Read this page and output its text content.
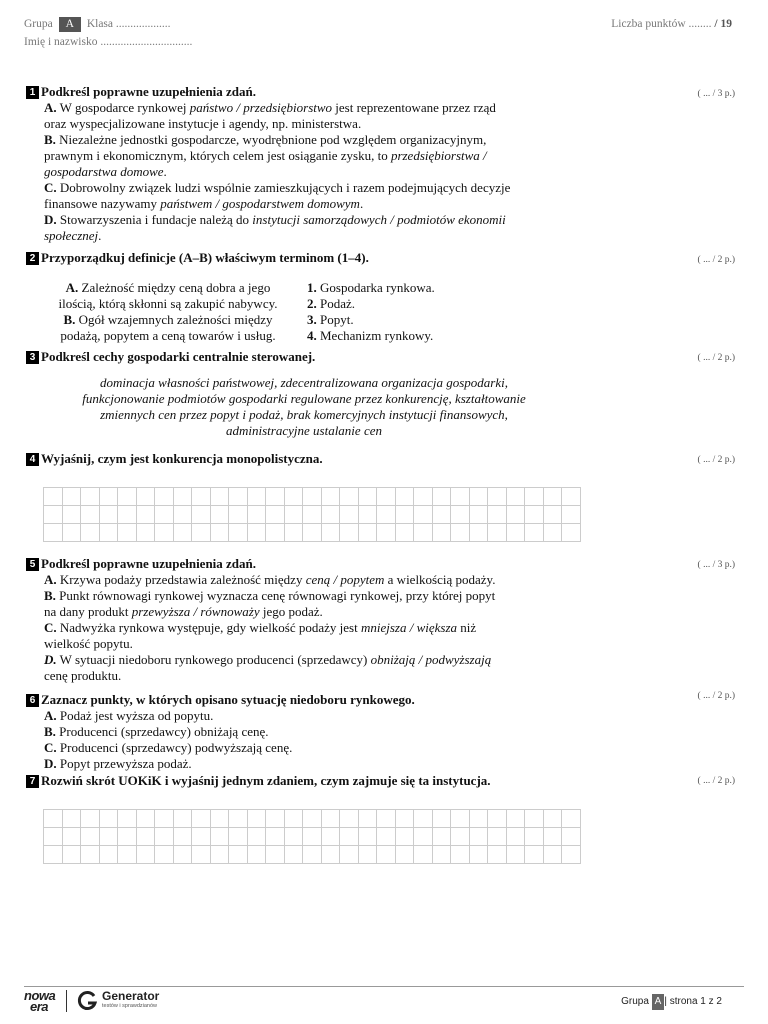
Grupa A Klasa ...................
Imię i nazwisko ................................
Liczba punktów ........ / 19
1 Podkreśl poprawne uzupełnienia zdań.
A. W gospodarce rynkowej państwo / przedsiębiorstwo jest reprezentowane przez rząd
oraz wyspecjalizowane instytucje i agendy, np. ministerstwa.
B. Niezależne jednostki gospodarcze, wyodrębnione pod względem organizacyjnym,
prawnym i ekonomicznym, których celem jest osiąganie zysku, to przedsiębiorstwa /
gospodarstwa domowe.
C. Dobrowolny związek ludzi wspólnie zamieszkujących i razem podejmujących decyzje
finansowe nazywamy państwem / gospodarstwem domowym.
D. Stowarzyszenia i fundacje należą do instytucji samorządowych / podmiotów ekonomii
społecznej.
( ... / 3 p.)
2 Przyporządkuj definicje (A–B) właściwym terminom (1–4).	( ... / 2 p.)
A. Zależność między ceną dobra a jego
ilością, którą skłonni są zakupić nabywcy.
B. Ogół wzajemnych zależności między
podażą, popytem a ceną towarów i usług.
1. Gospodarka rynkowa.
2. Podaż.
3. Popyt.
4. Mechanizm rynkowy.
3 Podkreśl cechy gospodarki centralnie sterowanej.	( ... / 2 p.)
dominacja własności państwowej, zdecentralizowana organizacja gospodarki,
funkcjonowanie podmiotów gospodarki regulowane przez konkurencję, kształtowanie
zmiennych cen przez popyt i podaż, brak komercyjnych instytucji finansowych,
administracyjne ustalanie cen
4 Wyjaśnij, czym jest konkurencja monopolistyczna.	( ... / 2 p.)

5 Podkreśl poprawne uzupełnienia zdań.
A. Krzywa podaży przedstawia zależność między ceną / popytem a wielkością podaży.
B. Punkt równowagi rynkowej wyznacza cenę równowagi rynkowej, przy której popyt
na dany produkt przewyższa / równoważy jego podaż.
C. Nadwyżka rynkowa występuje, gdy wielkość podaży jest mniejsza / większa niż
wielkość popytu.
D. W sytuacji niedoboru rynkowego producenci (sprzedawcy) obniżają / podwyższają
cenę produktu.
( ... / 3 p.)
6 Zaznacz punkty, w których opisano sytuację niedoboru rynkowego.
A. Podaż jest wyższa od popytu.
B. Producenci (sprzedawcy) obniżają cenę.
C. Producenci (sprzedawcy) podwyższają cenę.
D. Popyt przewyższa podaż.
( ... / 2 p.)
7 Rozwiń skrót UOKiK i wyjaśnij jednym zdaniem, czym zajmuje się ta instytucja.	( ... / 2 p.)

nowa
era
Generator
testów i sprawdzianów	Grupa A | strona 1 z 2
